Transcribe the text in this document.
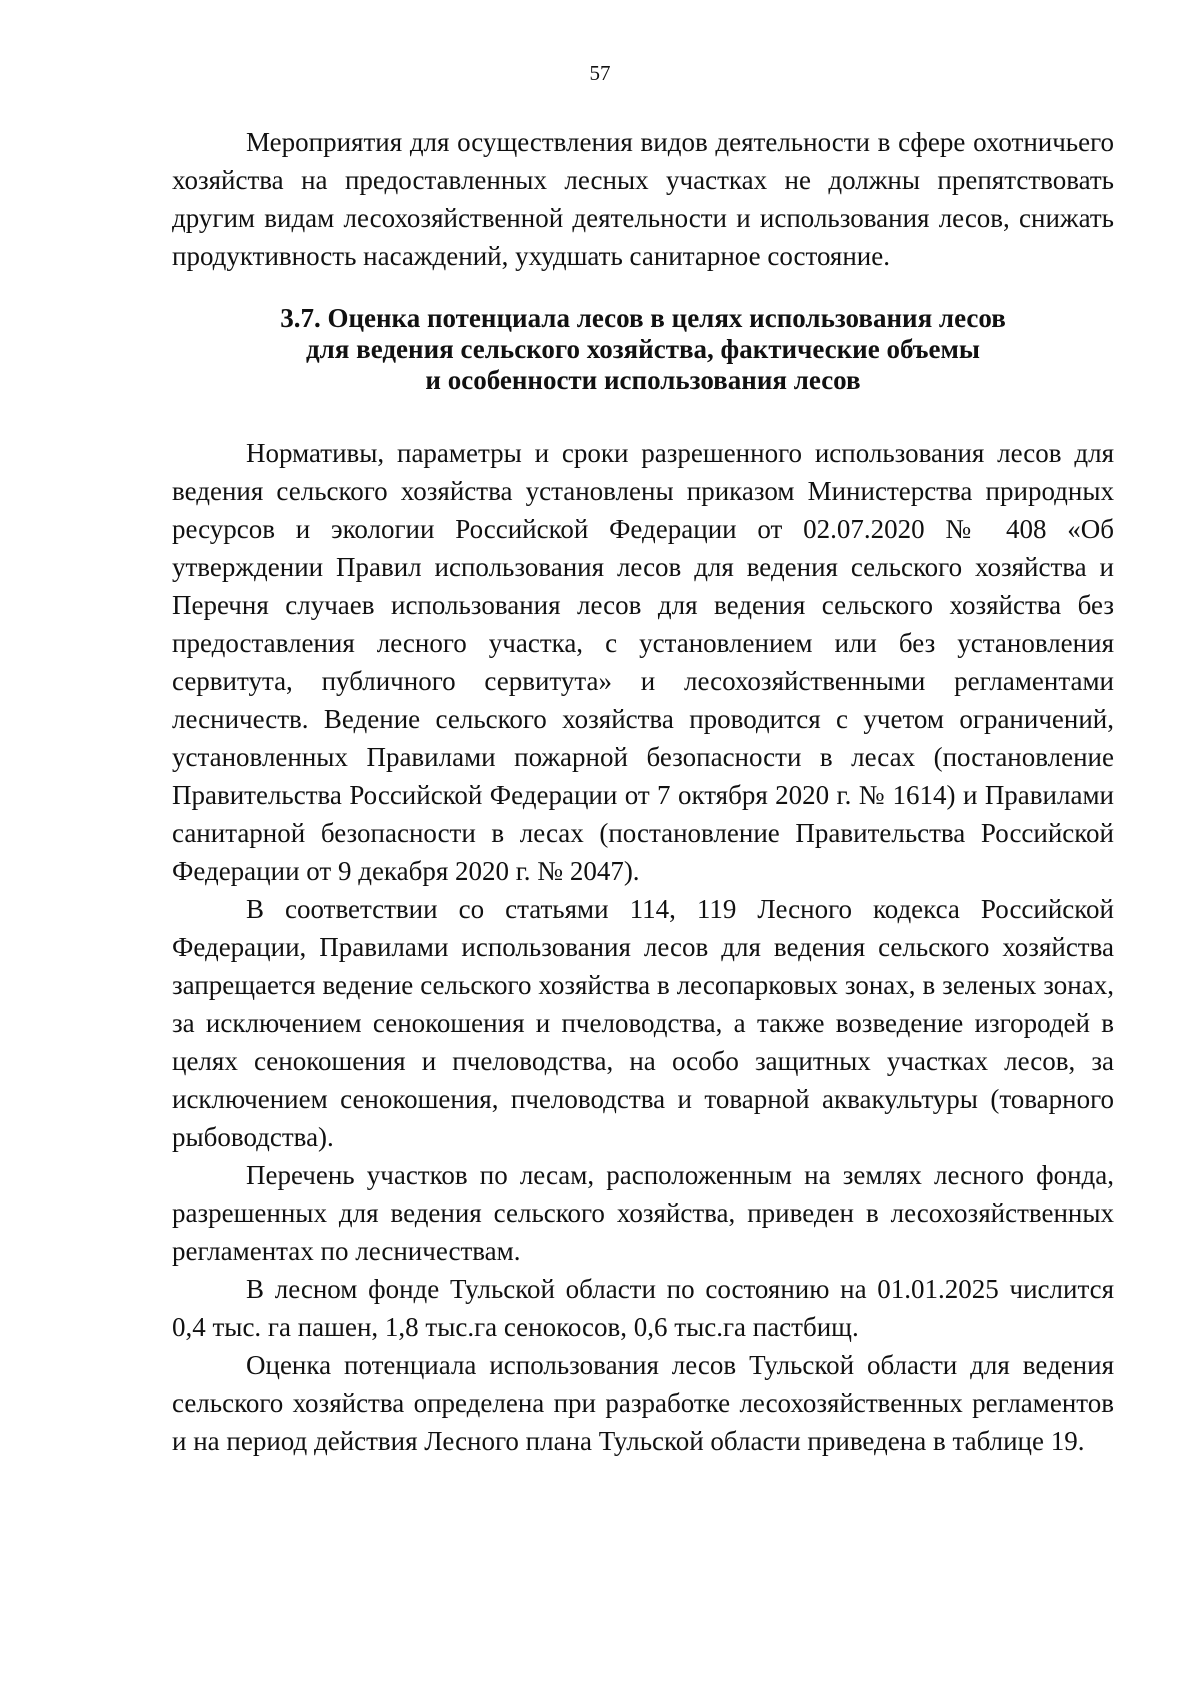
57

Мероприятия для осуществления видов деятельности в сфере охотничьего хозяйства на предоставленных лесных участках не должны препятствовать другим видам лесохозяйственной деятельности и использования лесов, снижать продуктивность насаждений, ухудшать санитарное состояние.

3.7. Оценка потенциала лесов в целях использования лесов
для ведения сельского хозяйства, фактические объемы
и особенности использования лесов

Нормативы, параметры и сроки разрешенного использования лесов для ведения сельского хозяйства установлены приказом Министерства природных ресурсов и экологии Российской Федерации от 02.07.2020 № 408 «Об утверждении Правил использования лесов для ведения сельского хозяйства и Перечня случаев использования лесов для ведения сельского хозяйства без предоставления лесного участка, с установлением или без установления сервитута, публичного сервитута» и лесохозяйственными регламентами лесничеств. Ведение сельского хозяйства проводится с учетом ограничений, установленных Правилами пожарной безопасности в лесах (постановление Правительства Российской Федерации от 7 октября 2020 г. № 1614) и Правилами санитарной безопасности в лесах (постановление Правительства Российской Федерации от 9 декабря 2020 г. № 2047).

В соответствии со статьями 114, 119 Лесного кодекса Российской Федерации, Правилами использования лесов для ведения сельского хозяйства запрещается ведение сельского хозяйства в лесопарковых зонах, в зеленых зонах, за исключением сенокошения и пчеловодства, а также возведение изгородей в целях сенокошения и пчеловодства, на особо защитных участках лесов, за исключением сенокошения, пчеловодства и товарной аквакультуры (товарного рыбоводства).

Перечень участков по лесам, расположенным на землях лесного фонда, разрешенных для ведения сельского хозяйства, приведен в лесохозяйственных регламентах по лесничествам.

В лесном фонде Тульской области по состоянию на 01.01.2025 числится 0,4 тыс. га пашен, 1,8 тыс.га сенокосов, 0,6 тыс.га пастбищ.

Оценка потенциала использования лесов Тульской области для ведения сельского хозяйства определена при разработке лесохозяйственных регламентов и на период действия Лесного плана Тульской области приведена в таблице 19.
